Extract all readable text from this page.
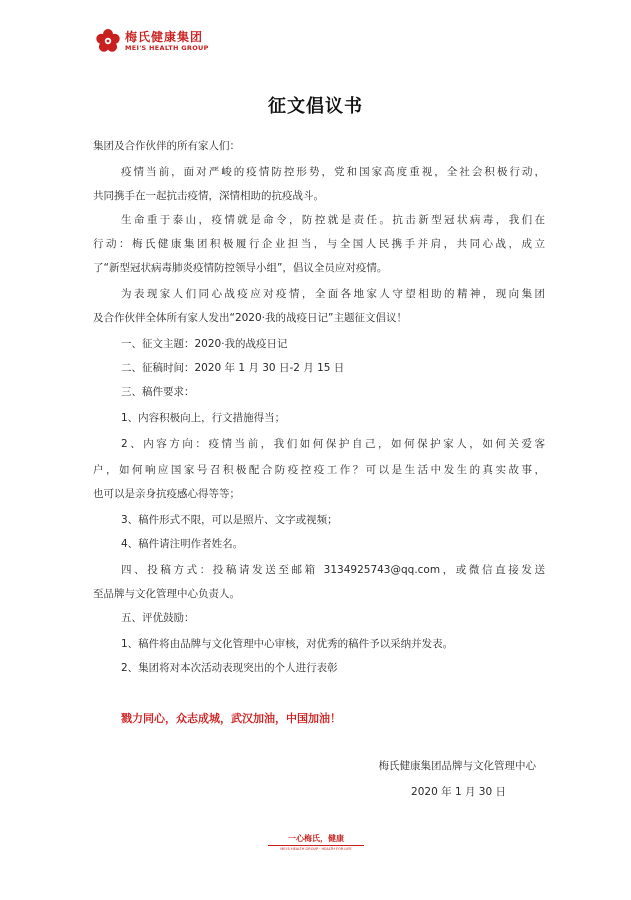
梅氏健康集团
MEI'S HEALTH GROUP
征文倡议书
集团及合作伙伴的所有家人们：
疫情当前，面对严峻的疫情防控形势，党和国家高度重视，全社会积极行动，
共同携手在一起抗击疫情，深情相助的抗疫战斗。
生命重于泰山，疫情就是命令，防控就是责任。抗击新型冠状病毒，我们在
行动：梅氏健康集团积极履行企业担当，与全国人民携手并肩，共同心战，成立
了“新型冠状病毒肺炎疫情防控领导小组”，倡议全员应对疫情。
为表现家人们同心战疫应对疫情，全面各地家人守望相助的精神，现向集团
及合作伙伴全体所有家人发出“2020·我的战疫日记”主题征文倡议！
一、征文主题：2020·我的战疫日记
二、征稿时间：2020 年 1 月 30 日-2 月 15 日
三、稿件要求：
1、内容积极向上，行文措施得当；
2、内容方向：疫情当前，我们如何保护自己，如何保护家人，如何关爱客
户，如何响应国家号召积极配合防疫控疫工作？可以是生活中发生的真实故事，
也可以是亲身抗疫感心得等等；
3、稿件形式不限，可以是照片、文字或视频；
4、稿件请注明作者姓名。
四、投稿方式：投稿请发送至邮箱 3134925743@qq.com，或微信直接发送
至品牌与文化管理中心负责人。
五、评优鼓励：
1、稿件将由品牌与文化管理中心审核，对优秀的稿件予以采纳并发表。
2、集团将对本次活动表现突出的个人进行表彰
戮力同心，众志成城，武汉加油，中国加油！
梅氏健康集团品牌与文化管理中心
2020 年 1 月 30 日
一心梅氏，健康
MEI'S HEALTH GROUP · HEALTH FOR LIFE
